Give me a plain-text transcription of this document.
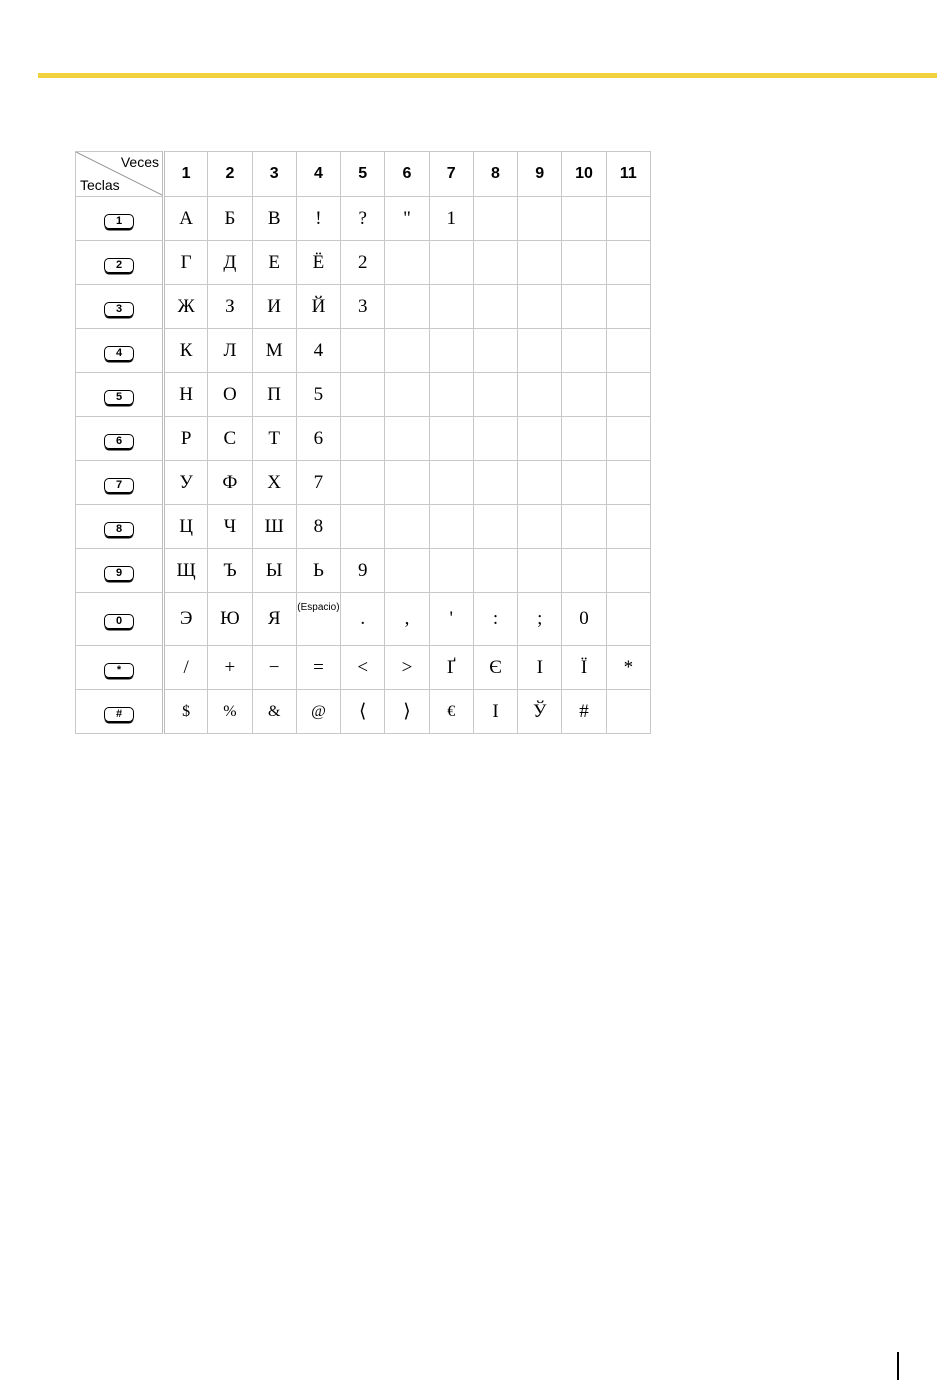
Veces
Teclas	1	2	3	4	5	6	7	8	9	10	11
1	А	Б	В	!	?	"	1				
2	Г	Д	Е	Ё	2						
3	Ж	З	И	Й	3						
4	К	Л	М	4							
5	Н	О	П	5							
6	Р	С	Т	6							
7	У	Ф	Х	7							
8	Ц	Ч	Ш	8							
9	Щ	Ъ	Ы	Ь	9						
0	Э	Ю	Я	(Espacio)	.	,	'	:	;	0	
*	/	+	−	=	<	>	Ґ	Є	І	Ї	*
#	$	%	&	@	⟨	⟩	€	I	Ў	#	
